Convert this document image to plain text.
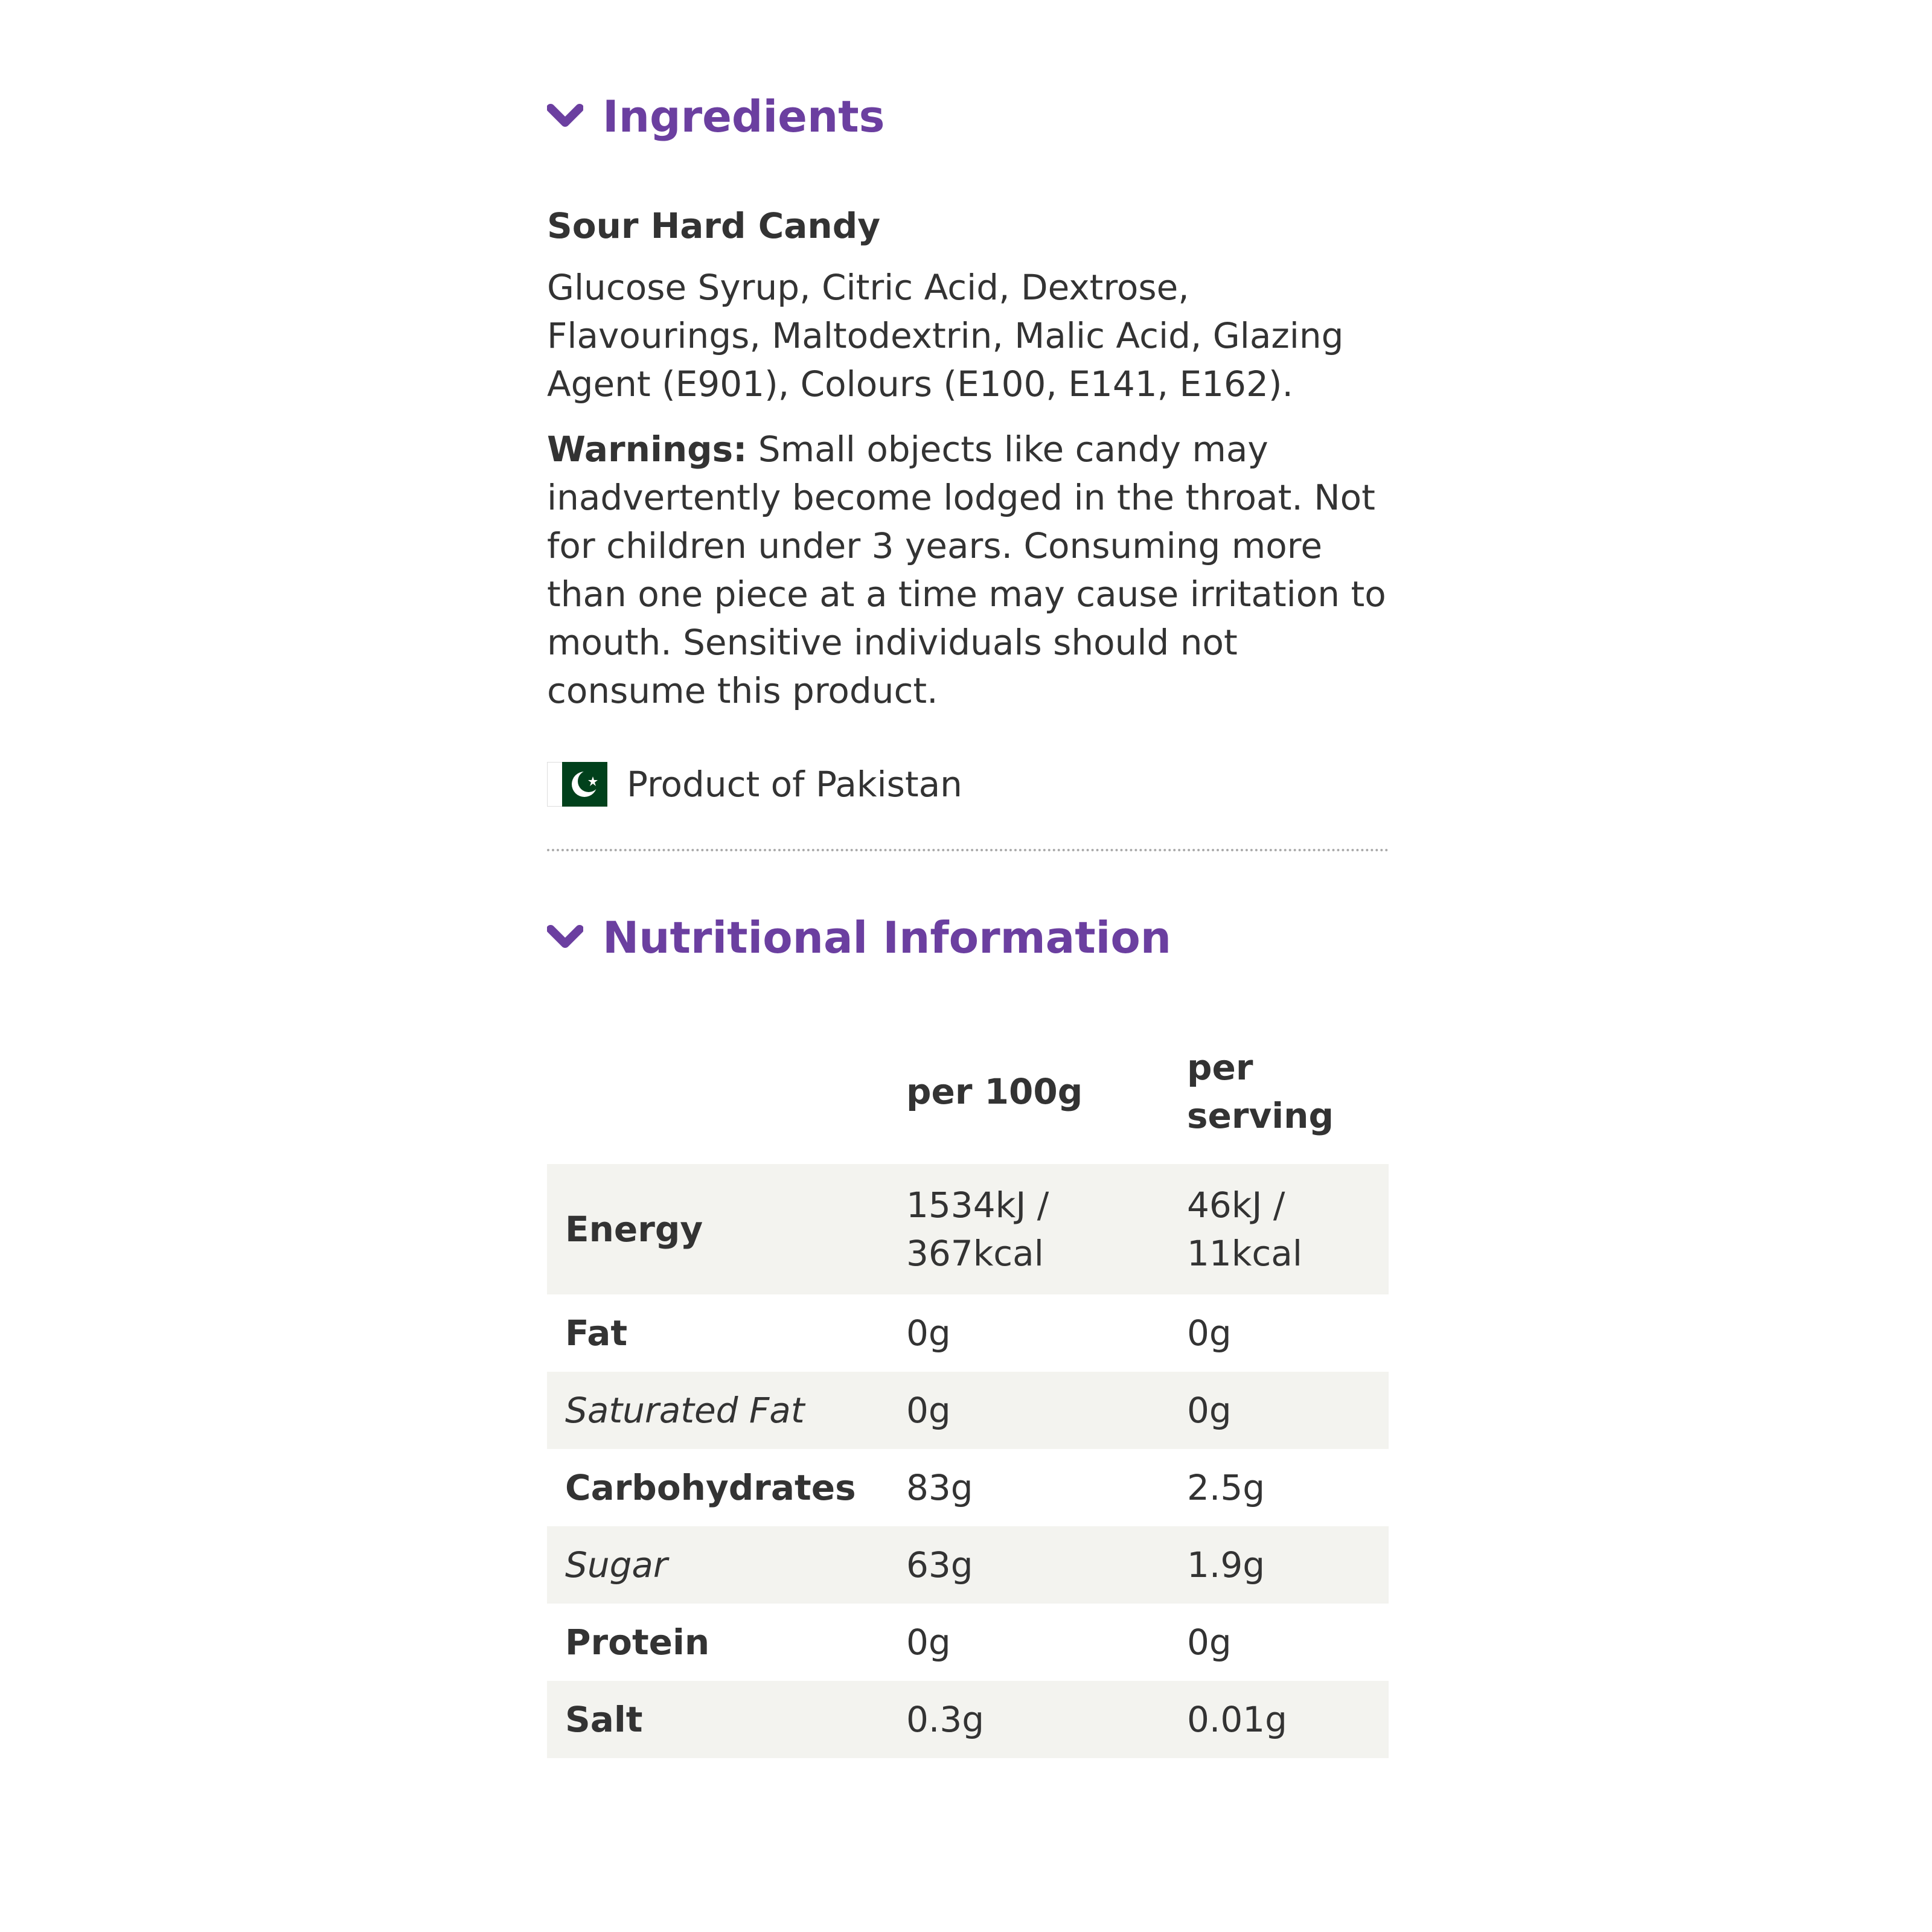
Ingredients
Sour Hard Candy
Glucose Syrup, Citric Acid, Dextrose, Flavourings, Maltodextrin, Malic Acid, Glazing Agent (E901), Colours (E100, E141, E162).
Warnings: Small objects like candy may inadvertently become lodged in the throat. Not for children under 3 years. Consuming more than one piece at a time may cause irritation to mouth. Sensitive individuals should not consume this product.
Product of Pakistan
Nutritional Information
	per 100g	per serving
Energy	1534kJ / 367kcal	46kJ / 11kcal
Fat	0g	0g
Saturated Fat	0g	0g
Carbohydrates	83g	2.5g
Sugar	63g	1.9g
Protein	0g	0g
Salt	0.3g	0.01g
